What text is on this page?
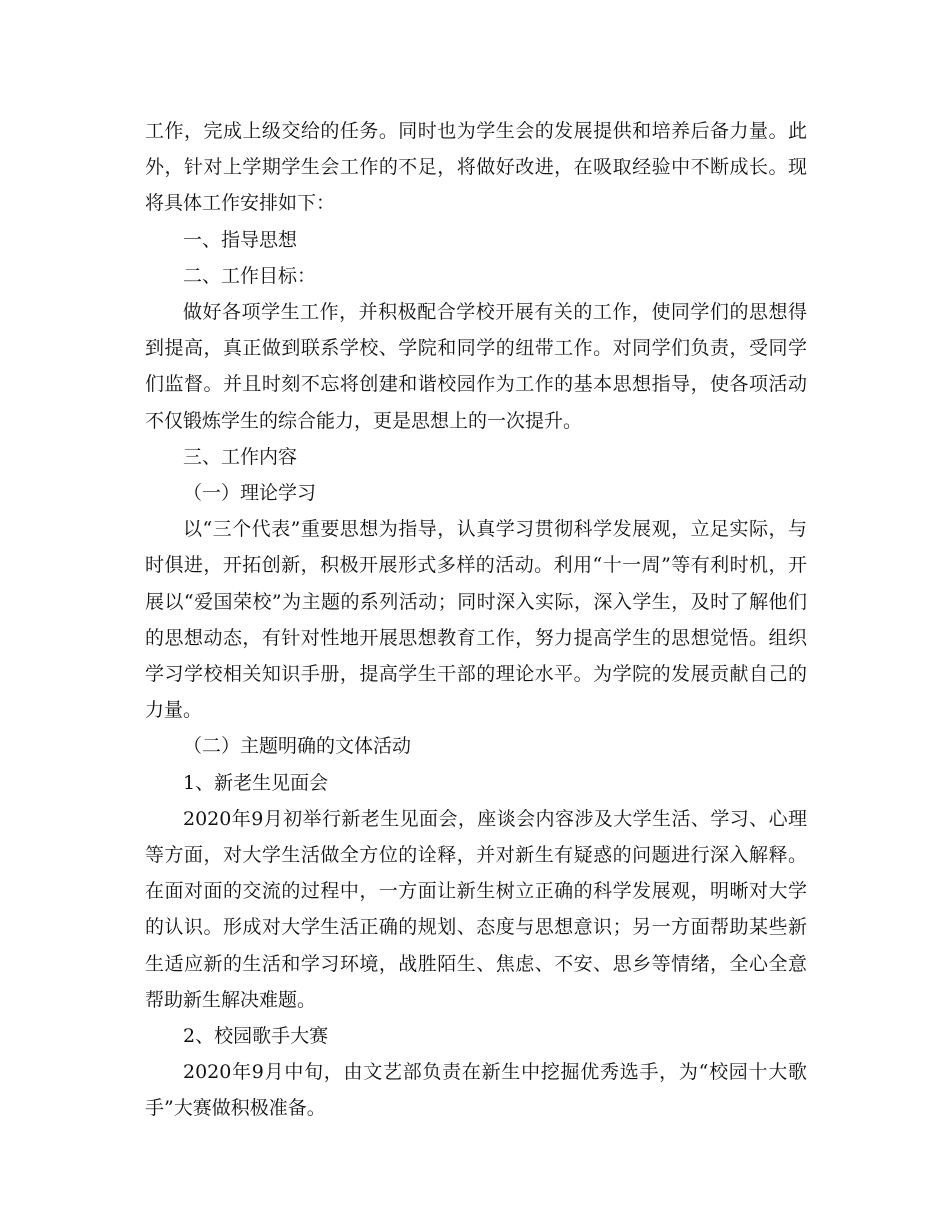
工作，完成上级交给的任务。同时也为学生会的发展提供和培养后备力量。此外，针对上学期学生会工作的不足，将做好改进，在吸取经验中不断成长。现将具体工作安排如下：

一、指导思想

二、工作目标：

做好各项学生工作，并积极配合学校开展有关的工作，使同学们的思想得到提高，真正做到联系学校、学院和同学的纽带工作。对同学们负责，受同学们监督。并且时刻不忘将创建和谐校园作为工作的基本思想指导，使各项活动不仅锻炼学生的综合能力，更是思想上的一次提升。

三、工作内容

（一）理论学习

以“三个代表”重要思想为指导，认真学习贯彻科学发展观，立足实际，与时俱进，开拓创新，积极开展形式多样的活动。利用“十一周”等有利时机，开展以“爱国荣校”为主题的系列活动；同时深入实际，深入学生，及时了解他们的思想动态，有针对性地开展思想教育工作，努力提高学生的思想觉悟。组织学习学校相关知识手册，提高学生干部的理论水平。为学院的发展贡献自己的力量。

（二）主题明确的文体活动

1、新老生见面会

2020年9月初举行新老生见面会，座谈会内容涉及大学生活、学习、心理等方面，对大学生活做全方位的诠释，并对新生有疑惑的问题进行深入解释。在面对面的交流的过程中，一方面让新生树立正确的科学发展观，明晰对大学的认识。形成对大学生活正确的规划、态度与思想意识；另一方面帮助某些新生适应新的生活和学习环境，战胜陌生、焦虑、不安、思乡等情绪，全心全意帮助新生解决难题。

2、校园歌手大赛

2020年9月中旬，由文艺部负责在新生中挖掘优秀选手，为“校园十大歌手”大赛做积极准备。
